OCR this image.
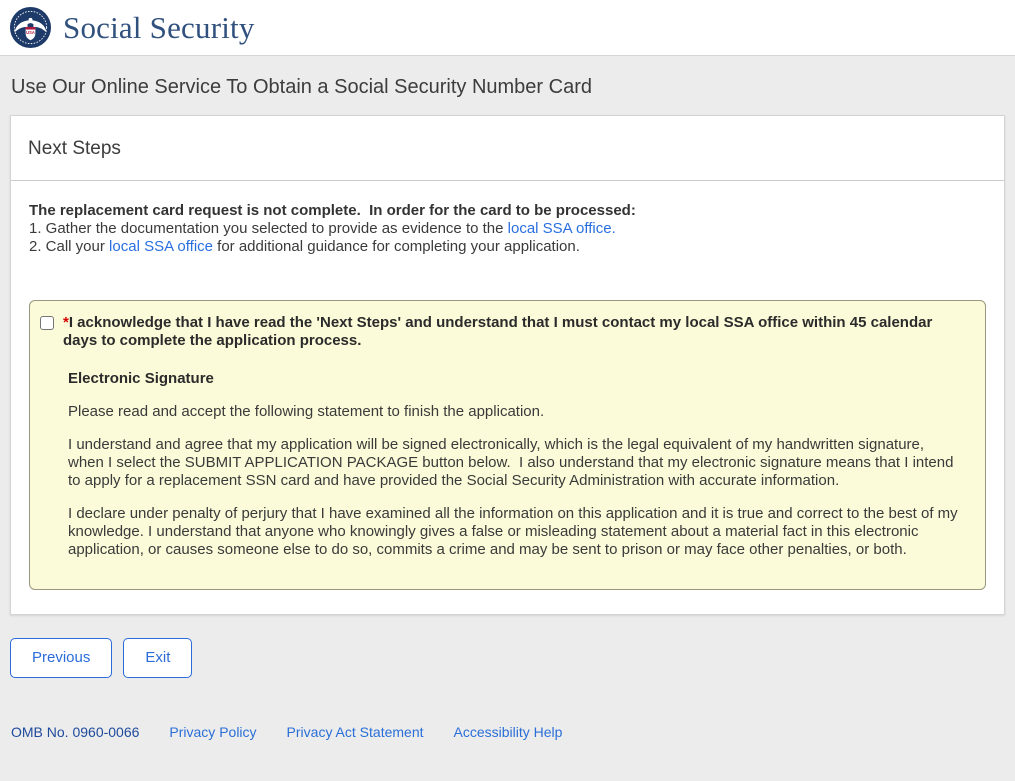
USA Social Security
Use Our Online Service To Obtain a Social Security Number Card
Next Steps

The replacement card request is not complete.  In order for the card to be processed:

1. Gather the documentation you selected to provide as evidence to the local SSA office.
2. Call your local SSA office for additional guidance for completing your application.
*I acknowledge that I have read the 'Next Steps' and understand that I must contact my local SSA office within 45 calendar days to complete the application process.
Electronic Signature

Please read and accept the following statement to finish the application.

I understand and agree that my application will be signed electronically, which is the legal equivalent of my handwritten signature, when I select the SUBMIT APPLICATION PACKAGE button below.  I also understand that my electronic signature means that I intend to apply for a replacement SSN card and have provided the Social Security Administration with accurate information.

I declare under penalty of perjury that I have examined all the information on this application and it is true and correct to the best of my knowledge. I understand that anyone who knowingly gives a false or misleading statement about a material fact in this electronic application, or causes someone else to do so, commits a crime and may be sent to prison or may face other penalties, or both.

Previous	Exit
OMB No. 0960-0066 Privacy Policy Privacy Act Statement Accessibility Help
